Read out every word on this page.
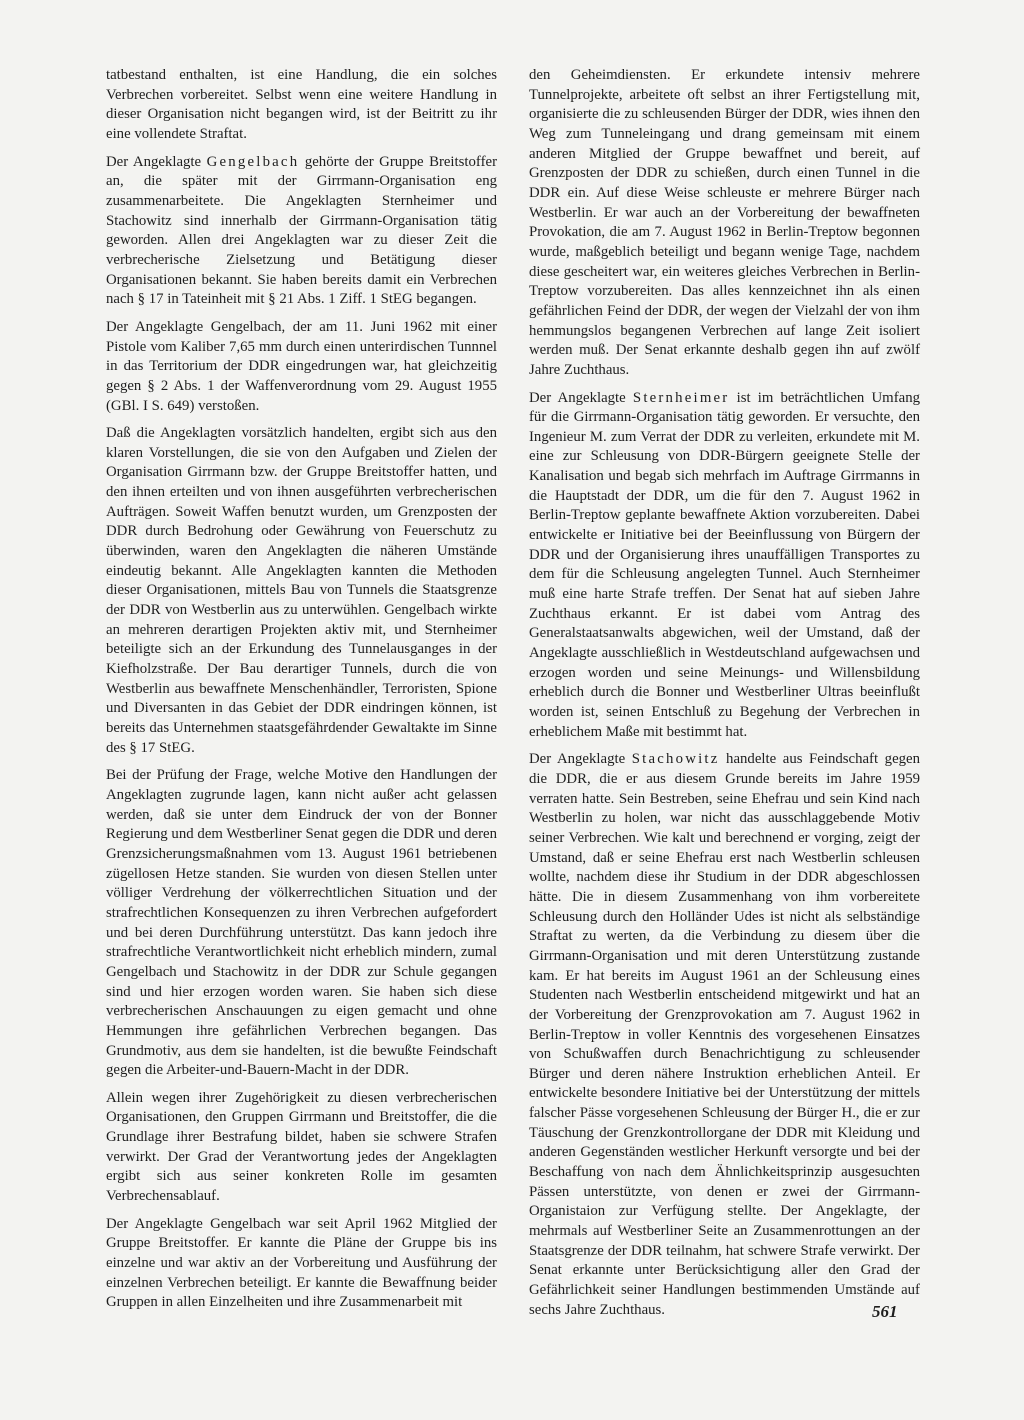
tatbestand enthalten, ist eine Handlung, die ein solches Verbrechen vorbereitet. Selbst wenn eine weitere Handlung in dieser Organisation nicht begangen wird, ist der Beitritt zu ihr eine vollendete Straftat.

Der Angeklagte Gengelbach gehörte der Gruppe Breitstoffer an, die später mit der Girrmann-Organisation eng zusammenarbeitete. Die Angeklagten Sternheimer und Stachowitz sind innerhalb der Girrmann-Organisation tätig geworden. Allen drei Angeklagten war zu dieser Zeit die verbrecherische Zielsetzung und Betätigung dieser Organisationen bekannt. Sie haben bereits damit ein Verbrechen nach § 17 in Tateinheit mit § 21 Abs. 1 Ziff. 1 StEG begangen.

Der Angeklagte Gengelbach, der am 11. Juni 1962 mit einer Pistole vom Kaliber 7,65 mm durch einen unterirdischen Tunnnel in das Territorium der DDR eingedrungen war, hat gleichzeitig gegen § 2 Abs. 1 der Waffenverordnung vom 29. August 1955 (GBl. I S. 649) verstoßen.

Daß die Angeklagten vorsätzlich handelten, ergibt sich aus den klaren Vorstellungen, die sie von den Aufgaben und Zielen der Organisation Girrmann bzw. der Gruppe Breitstoffer hatten, und den ihnen erteilten und von ihnen ausgeführten verbrecherischen Aufträgen. Soweit Waffen benutzt wurden, um Grenzposten der DDR durch Bedrohung oder Gewährung von Feuerschutz zu überwinden, waren den Angeklagten die näheren Umstände eindeutig bekannt. Alle Angeklagten kannten die Methoden dieser Organisationen, mittels Bau von Tunnels die Staatsgrenze der DDR von Westberlin aus zu unterwühlen. Gengelbach wirkte an mehreren derartigen Projekten aktiv mit, und Sternheimer beteiligte sich an der Erkundung des Tunnelausganges in der Kiefholzstraße. Der Bau derartiger Tunnels, durch die von Westberlin aus bewaffnete Menschenhändler, Terroristen, Spione und Diversanten in das Gebiet der DDR eindringen können, ist bereits das Unternehmen staatsgefährdender Gewaltakte im Sinne des § 17 StEG.

Bei der Prüfung der Frage, welche Motive den Handlungen der Angeklagten zugrunde lagen, kann nicht außer acht gelassen werden, daß sie unter dem Eindruck der von der Bonner Regierung und dem Westberliner Senat gegen die DDR und deren Grenzsicherungsmaßnahmen vom 13. August 1961 betriebenen zügellosen Hetze standen. Sie wurden von diesen Stellen unter völliger Verdrehung der völkerrechtlichen Situation und der strafrechtlichen Konsequenzen zu ihren Verbrechen aufgefordert und bei deren Durchführung unterstützt. Das kann jedoch ihre strafrechtliche Verantwortlichkeit nicht erheblich mindern, zumal Gengelbach und Stachowitz in der DDR zur Schule gegangen sind und hier erzogen worden waren. Sie haben sich diese verbrecherischen Anschauungen zu eigen gemacht und ohne Hemmungen ihre gefährlichen Verbrechen begangen. Das Grundmotiv, aus dem sie handelten, ist die bewußte Feindschaft gegen die Arbeiter-und-Bauern-Macht in der DDR.

Allein wegen ihrer Zugehörigkeit zu diesen verbrecherischen Organisationen, den Gruppen Girrmann und Breitstoffer, die die Grundlage ihrer Bestrafung bildet, haben sie schwere Strafen verwirkt. Der Grad der Verantwortung jedes der Angeklagten ergibt sich aus seiner konkreten Rolle im gesamten Verbrechensablauf.

Der Angeklagte Gengelbach war seit April 1962 Mitglied der Gruppe Breitstoffer. Er kannte die Pläne der Gruppe bis ins einzelne und war aktiv an der Vorbereitung und Ausführung der einzelnen Verbrechen beteiligt. Er kannte die Bewaffnung beider Gruppen in allen Einzelheiten und ihre Zusammenarbeit mit

den Geheimdiensten. Er erkundete intensiv mehrere Tunnelprojekte, arbeitete oft selbst an ihrer Fertigstellung mit, organisierte die zu schleusenden Bürger der DDR, wies ihnen den Weg zum Tunneleingang und drang gemeinsam mit einem anderen Mitglied der Gruppe bewaffnet und bereit, auf Grenzposten der DDR zu schießen, durch einen Tunnel in die DDR ein. Auf diese Weise schleuste er mehrere Bürger nach Westberlin. Er war auch an der Vorbereitung der bewaffneten Provokation, die am 7. August 1962 in Berlin-Treptow begonnen wurde, maßgeblich beteiligt und begann wenige Tage, nachdem diese gescheitert war, ein weiteres gleiches Verbrechen in Berlin-Treptow vorzubereiten. Das alles kennzeichnet ihn als einen gefährlichen Feind der DDR, der wegen der Vielzahl der von ihm hemmungslos begangenen Verbrechen auf lange Zeit isoliert werden muß. Der Senat erkannte deshalb gegen ihn auf zwölf Jahre Zuchthaus.

Der Angeklagte Sternheimer ist im beträchtlichen Umfang für die Girrmann-Organisation tätig geworden. Er versuchte, den Ingenieur M. zum Verrat der DDR zu verleiten, erkundete mit M. eine zur Schleusung von DDR-Bürgern geeignete Stelle der Kanalisation und begab sich mehrfach im Auftrage Girrmanns in die Hauptstadt der DDR, um die für den 7. August 1962 in Berlin-Treptow geplante bewaffnete Aktion vorzubereiten. Dabei entwickelte er Initiative bei der Beeinflussung von Bürgern der DDR und der Organisierung ihres unauffälligen Transportes zu dem für die Schleusung angelegten Tunnel. Auch Sternheimer muß eine harte Strafe treffen. Der Senat hat auf sieben Jahre Zuchthaus erkannt. Er ist dabei vom Antrag des Generalstaatsanwalts abgewichen, weil der Umstand, daß der Angeklagte ausschließlich in Westdeutschland aufgewachsen und erzogen worden und seine Meinungs- und Willensbildung erheblich durch die Bonner und Westberliner Ultras beeinflußt worden ist, seinen Entschluß zu Begehung der Verbrechen in erheblichem Maße mit bestimmt hat.

Der Angeklagte Stachowitz handelte aus Feindschaft gegen die DDR, die er aus diesem Grunde bereits im Jahre 1959 verraten hatte. Sein Bestreben, seine Ehefrau und sein Kind nach Westberlin zu holen, war nicht das ausschlaggebende Motiv seiner Verbrechen. Wie kalt und berechnend er vorging, zeigt der Umstand, daß er seine Ehefrau erst nach Westberlin schleusen wollte, nachdem diese ihr Studium in der DDR abgeschlossen hätte. Die in diesem Zusammenhang von ihm vorbereitete Schleusung durch den Holländer Udes ist nicht als selbständige Straftat zu werten, da die Verbindung zu diesem über die Girrmann-Organisation und mit deren Unterstützung zustande kam. Er hat bereits im August 1961 an der Schleusung eines Studenten nach Westberlin entscheidend mitgewirkt und hat an der Vorbereitung der Grenzprovokation am 7. August 1962 in Berlin-Treptow in voller Kenntnis des vorgesehenen Einsatzes von Schußwaffen durch Benachrichtigung zu schleusender Bürger und deren nähere Instruktion erheblichen Anteil. Er entwickelte besondere Initiative bei der Unterstützung der mittels falscher Pässe vorgesehenen Schleusung der Bürger H., die er zur Täuschung der Grenzkontrollorgane der DDR mit Kleidung und anderen Gegenständen westlicher Herkunft versorgte und bei der Beschaffung von nach dem Ähnlichkeitsprinzip ausgesuchten Pässen unterstützte, von denen er zwei der Girrmann-Organistaion zur Verfügung stellte. Der Angeklagte, der mehrmals auf Westberliner Seite an Zusammenrottungen an der Staatsgrenze der DDR teilnahm, hat schwere Strafe verwirkt. Der Senat erkannte unter Berücksichtigung aller den Grad der Gefährlichkeit seiner Handlungen bestimmenden Umstände auf sechs Jahre Zuchthaus.	561
